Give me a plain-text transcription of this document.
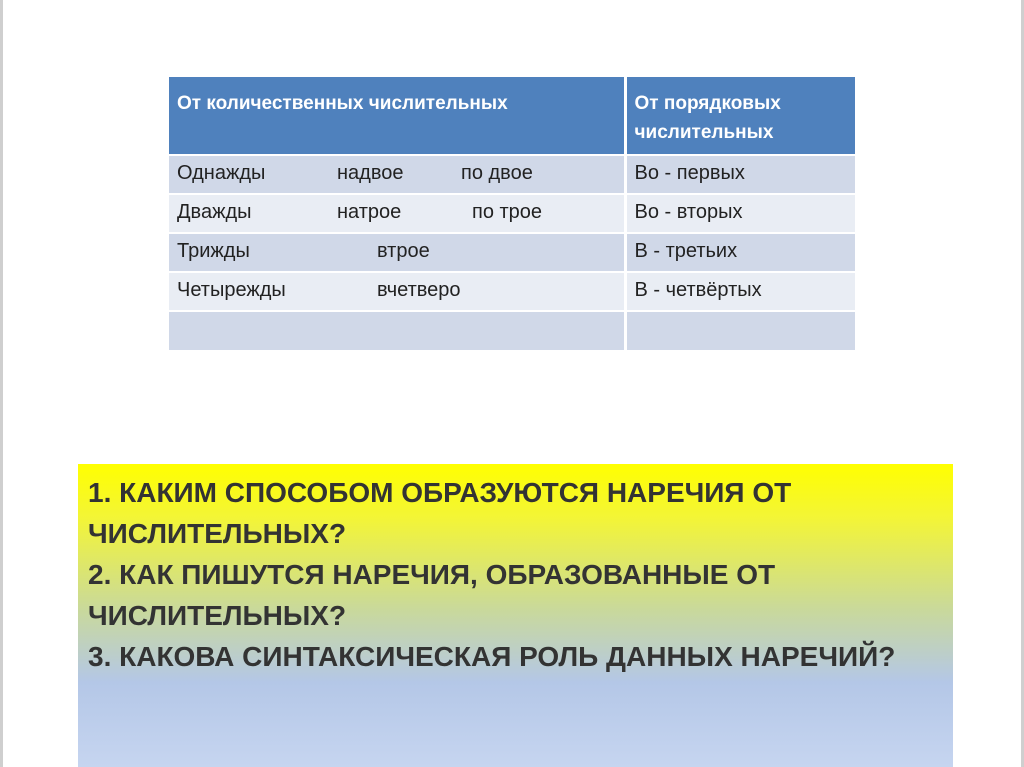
От количественных числительных	От порядковых числительных
Однажды надвое по двое	Во - первых
Дважды натрое по трое	Во - вторых
Трижды втрое	В - третьих
Четырежды вчетверо	В - четвёртых

1. КАКИМ СПОСОБОМ ОБРАЗУЮТСЯ НАРЕЧИЯ ОТ ЧИСЛИТЕЛЬНЫХ?

2. КАК ПИШУТСЯ НАРЕЧИЯ, ОБРАЗОВАННЫЕ ОТ ЧИСЛИТЕЛЬНЫХ?

3. КАКОВА СИНТАКСИЧЕСКАЯ РОЛЬ ДАННЫХ НАРЕЧИЙ?
